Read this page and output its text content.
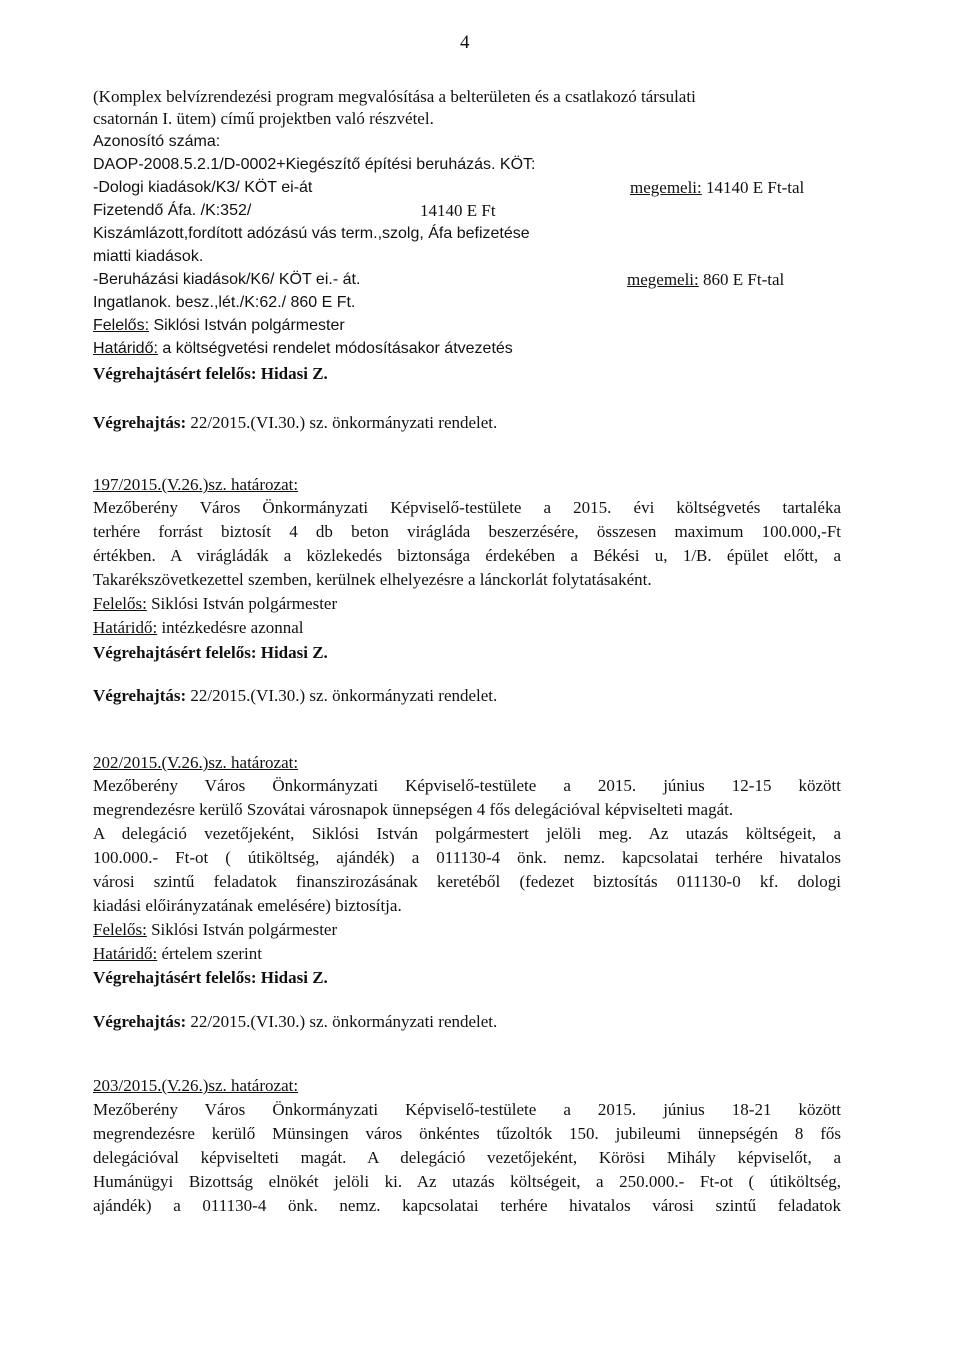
4
(Komplex belvízrendezési program megvalósítása a belterületen és a csatlakozó társulati
csatornán I. ütem) című projektben való részvétel.
Azonosító száma:
DAOP-2008.5.2.1/D-0002+Kiegészítő építési beruházás. KÖT:
-Dologi kiadások/K3/ KÖT ei-át	megemeli: 14140 E Ft-tal
Fizetendő Áfa. /K:352/	14140 E Ft
Kiszámlázott,fordított adózású vás term.,szolg, Áfa befizetése
miatti kiadások.
-Beruházási kiadások/K6/ KÖT ei.- át.	megemeli: 860 E Ft-tal
Ingatlanok. besz.,lét./K:62./ 860 E Ft.
Felelős: Siklósi István polgármester
Határidő: a költségvetési rendelet módosításakor átvezetés
Végrehajtásért felelős: Hidasi Z.
Végrehajtás: 22/2015.(VI.30.) sz. önkormányzati rendelet.
197/2015.(V.26.)sz. határozat:
Mezőberény Város Önkormányzati Képviselő-testülete a 2015. évi költségvetés tartaléka
terhére forrást biztosít 4 db beton virágláda beszerzésére, összesen maximum 100.000,-Ft
értékben. A virágládák a közlekedés biztonsága érdekében a Békési u, 1/B. épület előtt, a
Takarékszövetkezettel szemben, kerülnek elhelyezésre a lánckorlát folytatásaként.
Felelős: Siklósi István polgármester
Határidő: intézkedésre azonnal
Végrehajtásért felelős: Hidasi Z.
Végrehajtás: 22/2015.(VI.30.) sz. önkormányzati rendelet.
202/2015.(V.26.)sz. határozat:
Mezőberény Város Önkormányzati Képviselő-testülete a 2015. június 12-15 között
megrendezésre kerülő Szovátai városnapok ünnepségen 4 fős delegációval képviselteti magát.
A delegáció vezetőjeként, Siklósi István polgármestert jelöli meg. Az utazás költségeit, a
100.000.- Ft-ot ( útiköltség, ajándék) a 011130-4 önk. nemz. kapcsolatai terhére hivatalos
városi szintű feladatok finanszirozásának keretéből (fedezet biztosítás 011130-0 kf. dologi
kiadási előirányzatának emelésére) biztosítja.
Felelős: Siklósi István polgármester
Határidő: értelem szerint
Végrehajtásért felelős: Hidasi Z.
Végrehajtás: 22/2015.(VI.30.) sz. önkormányzati rendelet.
203/2015.(V.26.)sz. határozat:
Mezőberény Város Önkormányzati Képviselő-testülete a 2015. június 18-21 között
megrendezésre kerülő Münsingen város önkéntes tűzoltók 150. jubileumi ünnepségén 8 fős
delegációval képviselteti magát. A delegáció vezetőjeként, Körösi Mihály képviselőt, a
Humánügyi Bizottság elnökét jelöli ki. Az utazás költségeit, a 250.000.- Ft-ot ( útiköltség,
ajándék) a 011130-4 önk. nemz. kapcsolatai terhére hivatalos városi szintű feladatok
